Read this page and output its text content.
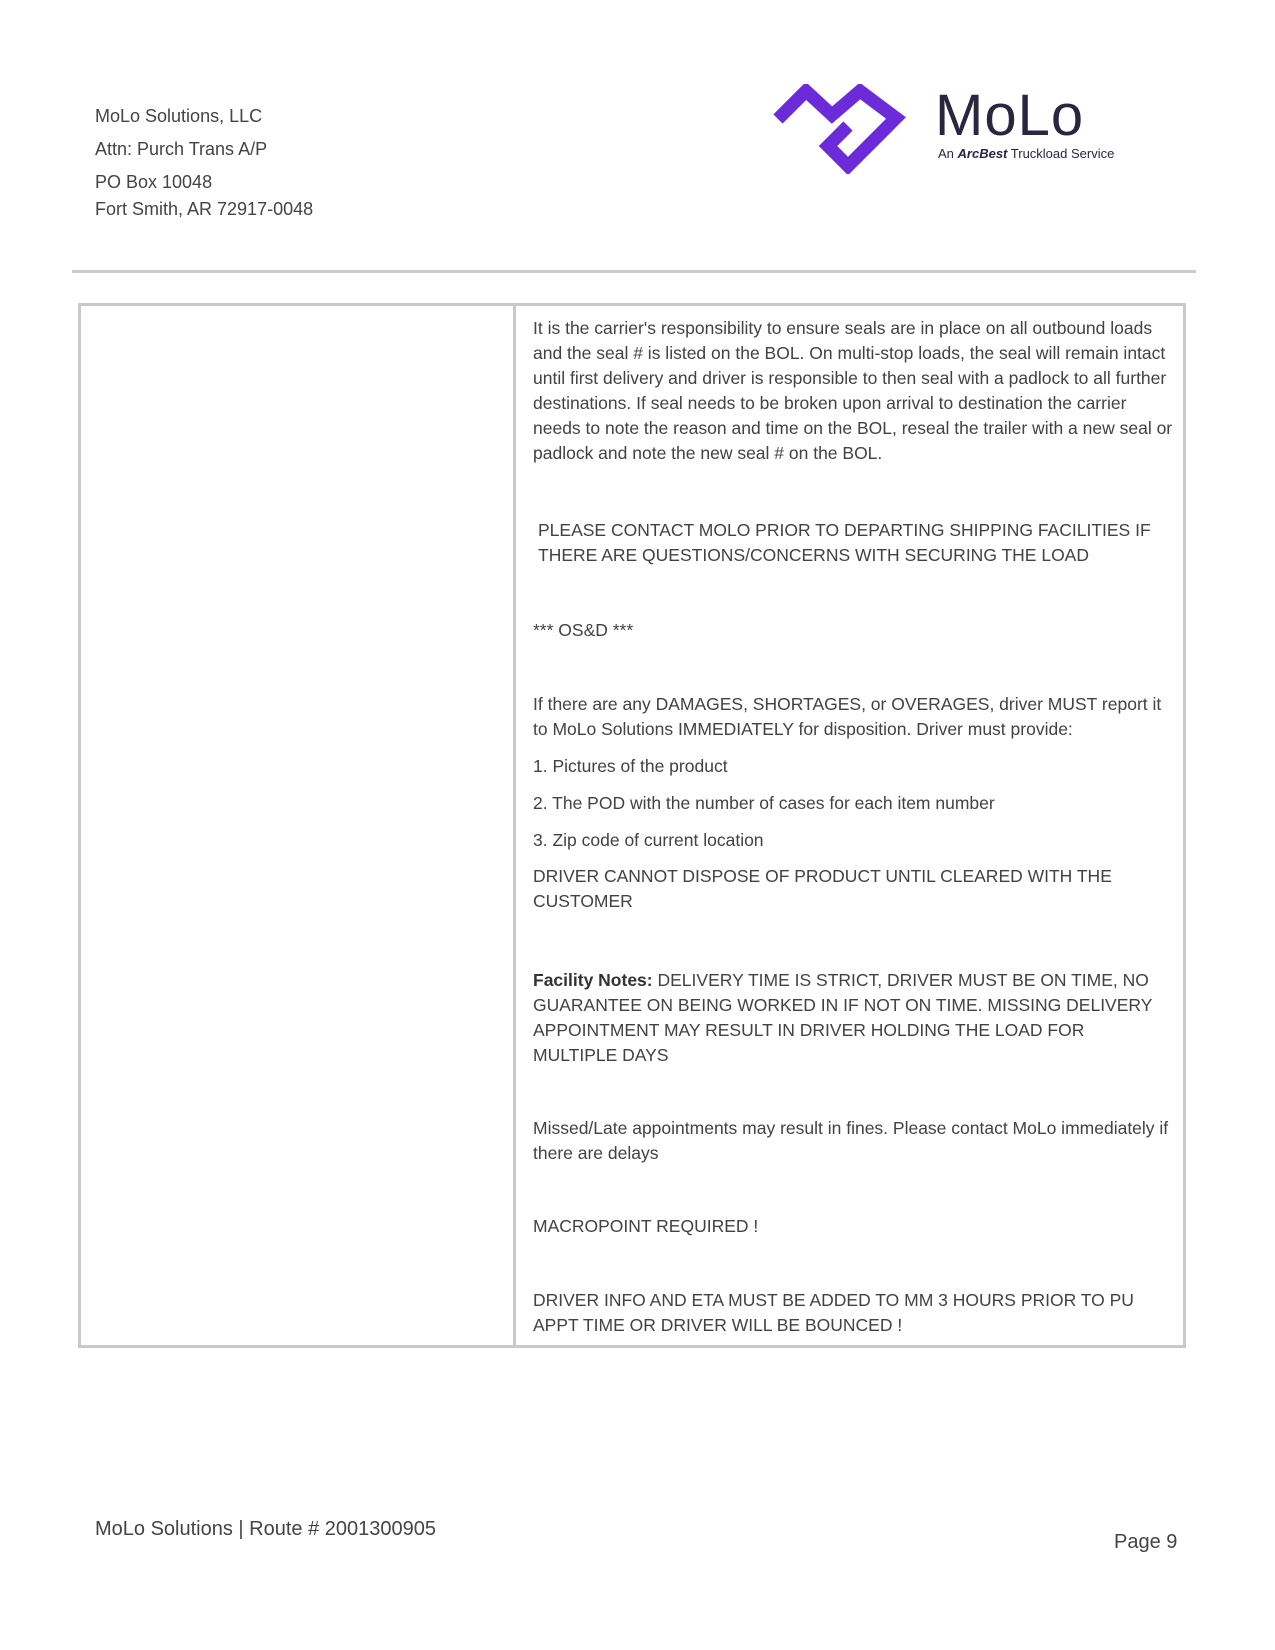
MoLo Solutions, LLC
Attn: Purch Trans A/P
PO Box 10048
Fort Smith, AR 72917-0048
MoLo
An ArcBest Truckload Service

It is the carrier's responsibility to ensure seals are in place on all outbound loads and the seal # is listed on the BOL. On multi-stop loads, the seal will remain intact until first delivery and driver is responsible to then seal with a padlock to all further destinations. If seal needs to be broken upon arrival to destination the carrier needs to note the reason and time on the BOL, reseal the trailer with a new seal or padlock and note the new seal # on the BOL.

PLEASE CONTACT MOLO PRIOR TO DEPARTING SHIPPING FACILITIES IF THERE ARE QUESTIONS/CONCERNS WITH SECURING THE LOAD

*** OS&D ***

If there are any DAMAGES, SHORTAGES, or OVERAGES, driver MUST report it to MoLo Solutions IMMEDIATELY for disposition. Driver must provide:

1. Pictures of the product

2. The POD with the number of cases for each item number

3. Zip code of current location

DRIVER CANNOT DISPOSE OF PRODUCT UNTIL CLEARED WITH THE CUSTOMER

Facility Notes: DELIVERY TIME IS STRICT, DRIVER MUST BE ON TIME, NO GUARANTEE ON BEING WORKED IN IF NOT ON TIME. MISSING DELIVERY APPOINTMENT MAY RESULT IN DRIVER HOLDING THE LOAD FOR MULTIPLE DAYS

Missed/Late appointments may result in fines. Please contact MoLo immediately if there are delays

MACROPOINT REQUIRED !

DRIVER INFO AND ETA MUST BE ADDED TO MM 3 HOURS PRIOR TO PU APPT TIME OR DRIVER WILL BE BOUNCED !

MoLo Solutions | Route # 2001300905
Page 9
